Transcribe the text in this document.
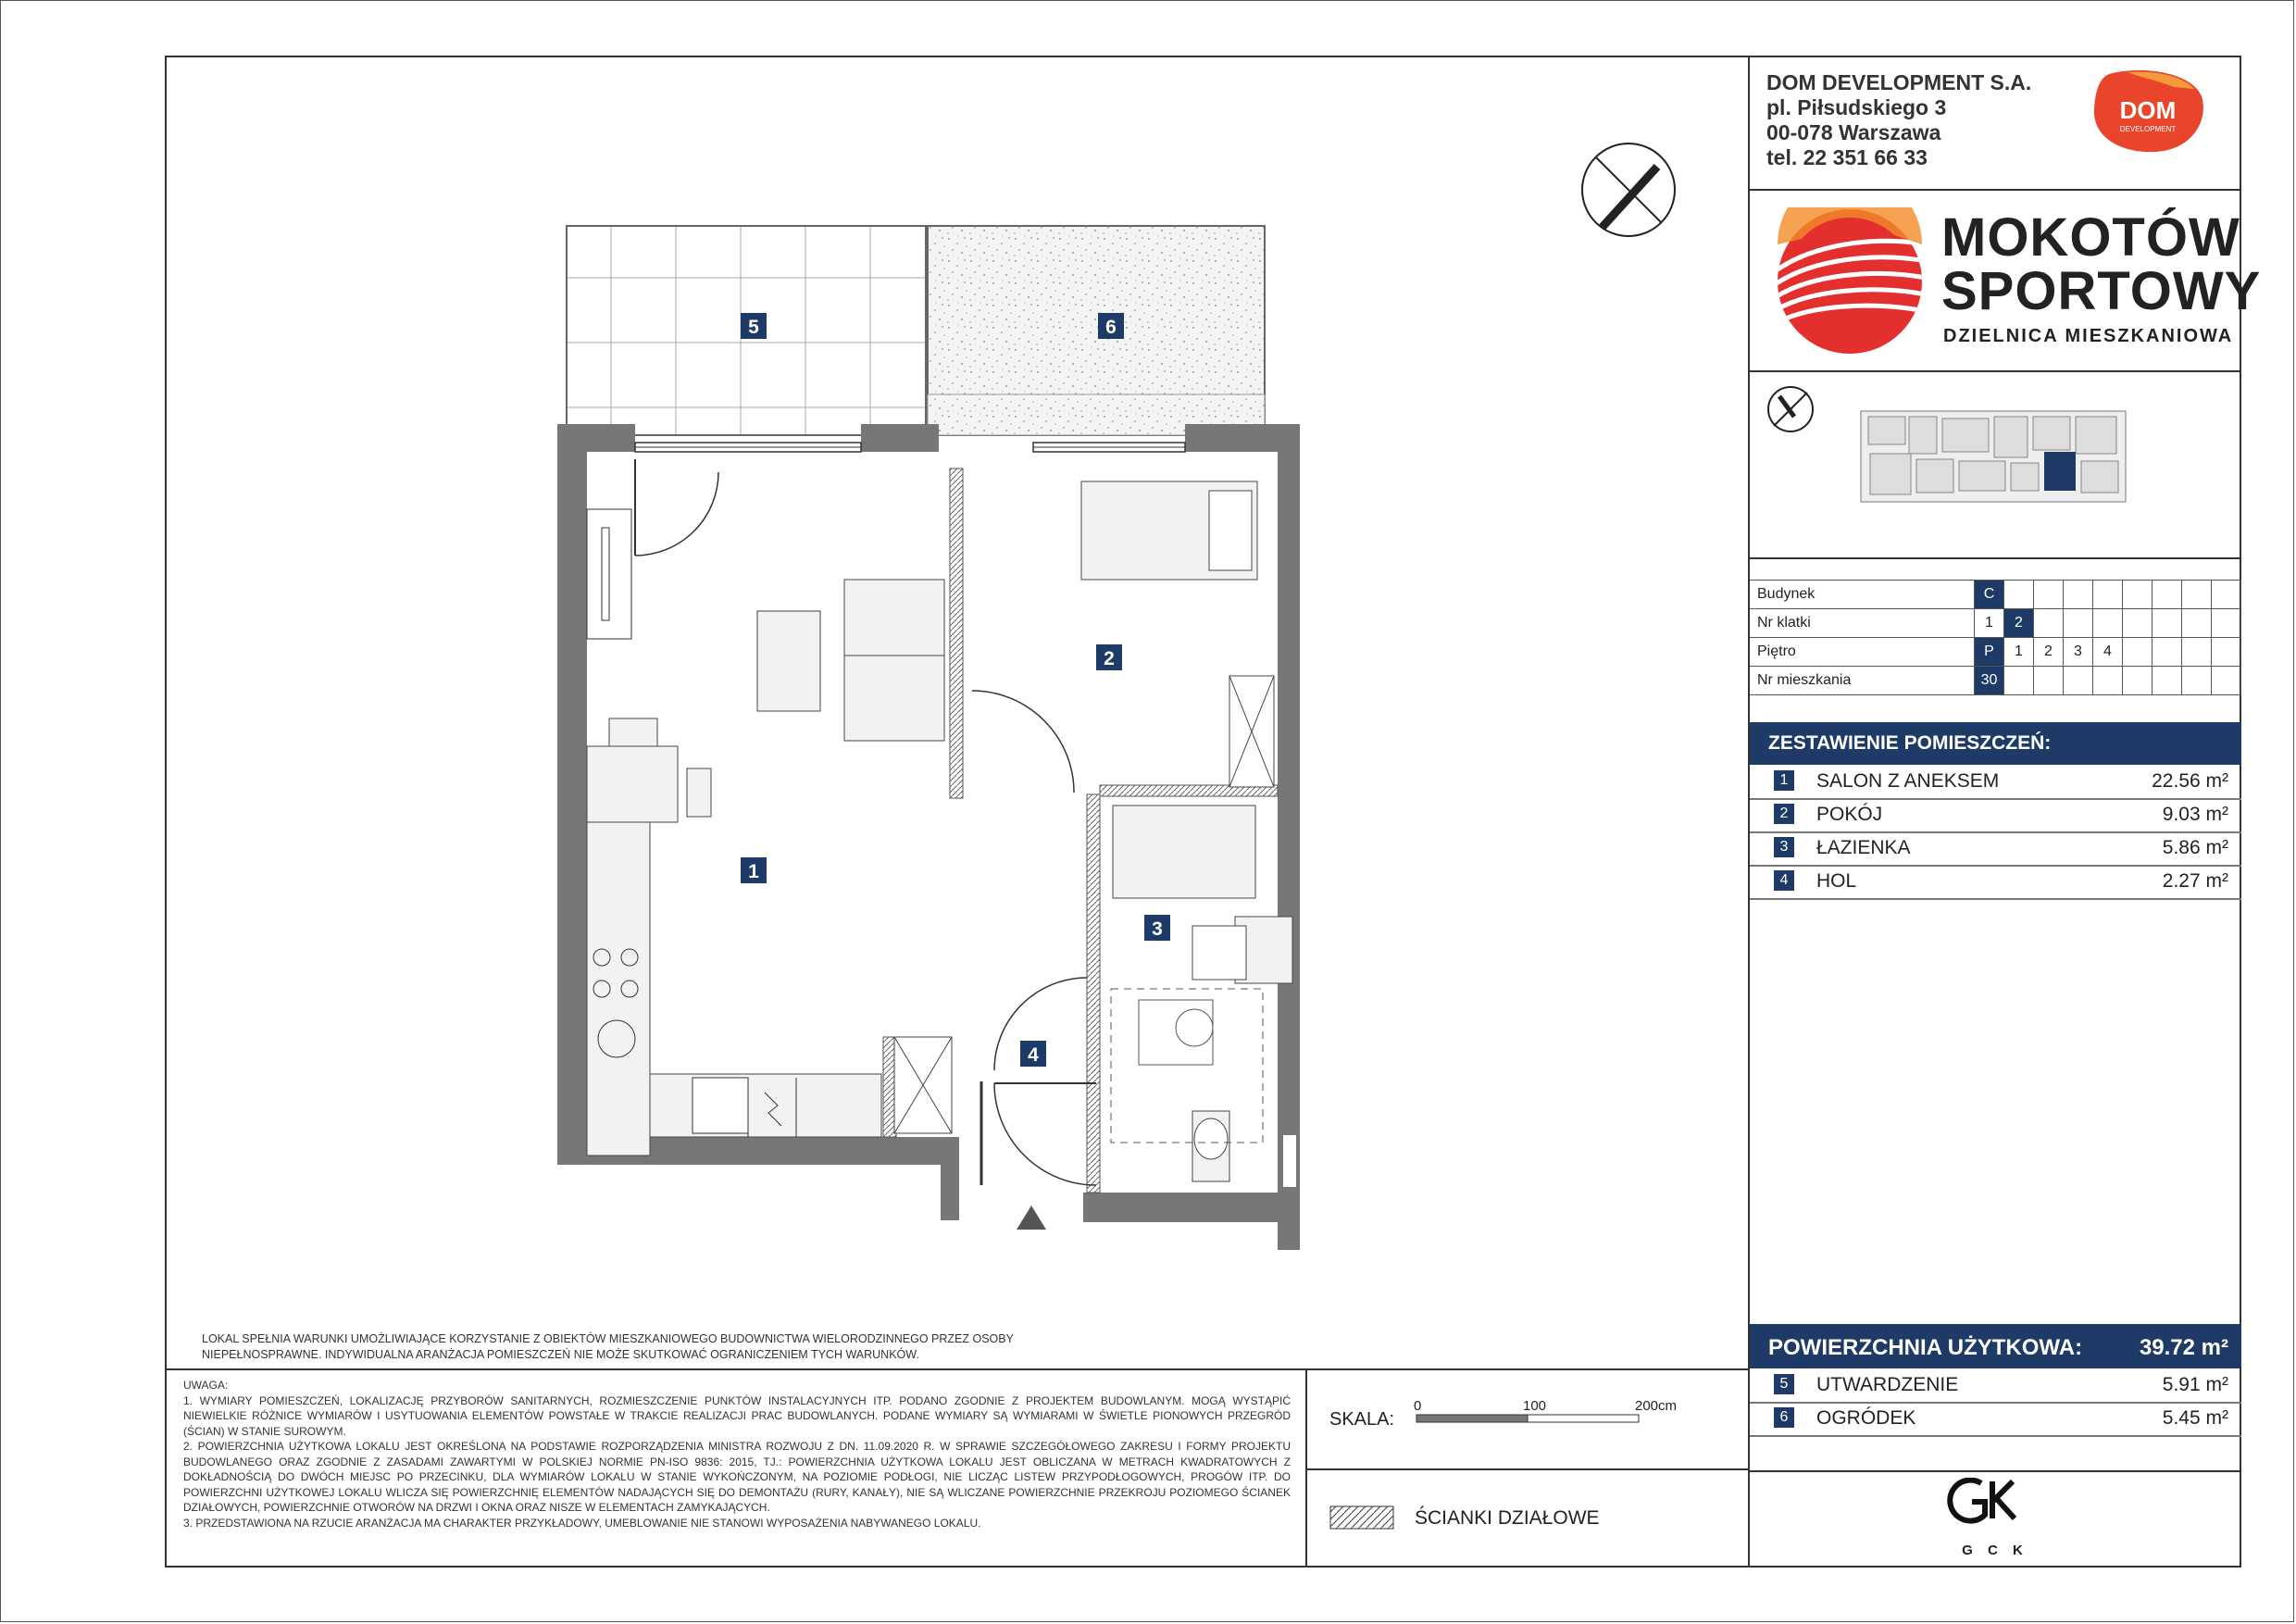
DOM DEVELOPMENT S.A.
pl. Piłsudskiego 3
00-078 Warszawa
tel. 22 351 66 33
DOM
DEVELOPMENT
MOKOTÓW
SPORTOWY
DZIELNICA MIESZKANIOWA
Budynek	C								
Nr klatki	1	2							
Piętro	P	1	2	3	4				
Nr mieszkania	30								
ZESTAWIENIE POMIESZCZEŃ:
1	SALON Z ANEKSEM	22.56 m²
2	POKÓJ	9.03 m²
3	ŁAZIENKA	5.86 m²
4	HOL	2.27 m²
POWIERZCHNIA UŻYTKOWA:	39.72 m²
5	UTWARDZENIE	5.91 m²
6	OGRÓDEK	5.45 m²
G C K
LOKAL SPEŁNIA WARUNKI UMOŻLIWIAJĄCE KORZYSTANIE Z OBIEKTÓW MIESZKANIOWEGO BUDOWNICTWA WIELORODZINNEGO PRZEZ OSOBY NIEPEŁNOSPRAWNE. INDYWIDUALNA ARANŻACJA POMIESZCZEŃ NIE MOŻE SKUTKOWAĆ OGRANICZENIEM TYCH WARUNKÓW.
UWAGA:
1. WYMIARY POMIESZCZEŃ, LOKALIZACJĘ PRZYBORÓW SANITARNYCH, ROZMIESZCZENIE PUNKTÓW INSTALACYJNYCH ITP. PODANO ZGODNIE Z PROJEKTEM BUDOWLANYM. MOGĄ WYSTĄPIĆ NIEWIELKIE RÓŻNICE WYMIARÓW I USYTUOWANIA ELEMENTÓW POWSTAŁE W TRAKCIE REALIZACJI PRAC BUDOWLANYCH. PODANE WYMIARY SĄ WYMIARAMI W ŚWIETLE PIONOWYCH PRZEGRÓD (ŚCIAN) W STANIE SUROWYM.
2. POWIERZCHNIA UŻYTKOWA LOKALU JEST OKREŚLONA NA PODSTAWIE ROZPORZĄDZENIA MINISTRA ROZWOJU Z DN. 11.09.2020 R. W SPRAWIE SZCZEGÓŁOWEGO ZAKRESU I FORMY PROJEKTU BUDOWLANEGO ORAZ ZGODNIE Z ZASADAMI ZAWARTYMI W POLSKIEJ NORMIE PN-ISO 9836: 2015, TJ.: POWIERZCHNIA UŻYTKOWA LOKALU JEST OBLICZANA W METRACH KWADRATOWYCH Z DOKŁADNOŚCIĄ DO DWÓCH MIEJSC PO PRZECINKU, DLA WYMIARÓW LOKALU W STANIE WYKOŃCZONYM, NA POZIOMIE PODŁOGI, NIE LICZĄC LISTEW PRZYPODŁOGOWYCH, PROGÓW ITP. DO POWIERZCHNI UŻYTKOWEJ LOKALU WLICZA SIĘ POWIERZCHNIĘ ELEMENTÓW NADAJĄCYCH SIĘ DO DEMONTAŻU (RURY, KANAŁY), NIE SĄ WLICZANE POWIERZCHNIE PRZEKROJU POZIOMEGO ŚCIANEK DZIAŁOWYCH, POWIERZCHNIE OTWORÓW NA DRZWI I OKNA ORAZ NISZE W ELEMENTACH ZAMYKAJĄCYCH.
3. PRZEDSTAWIONA NA RZUCIE ARANŻACJA MA CHARAKTER PRZYKŁADOWY, UMEBLOWANIE NIE STANOWI WYPOSAŻENIA NABYWANEGO LOKALU.
SKALA:
0	100	200cm
ŚCIANKI DZIAŁOWE
5	6
2
1
3
4
